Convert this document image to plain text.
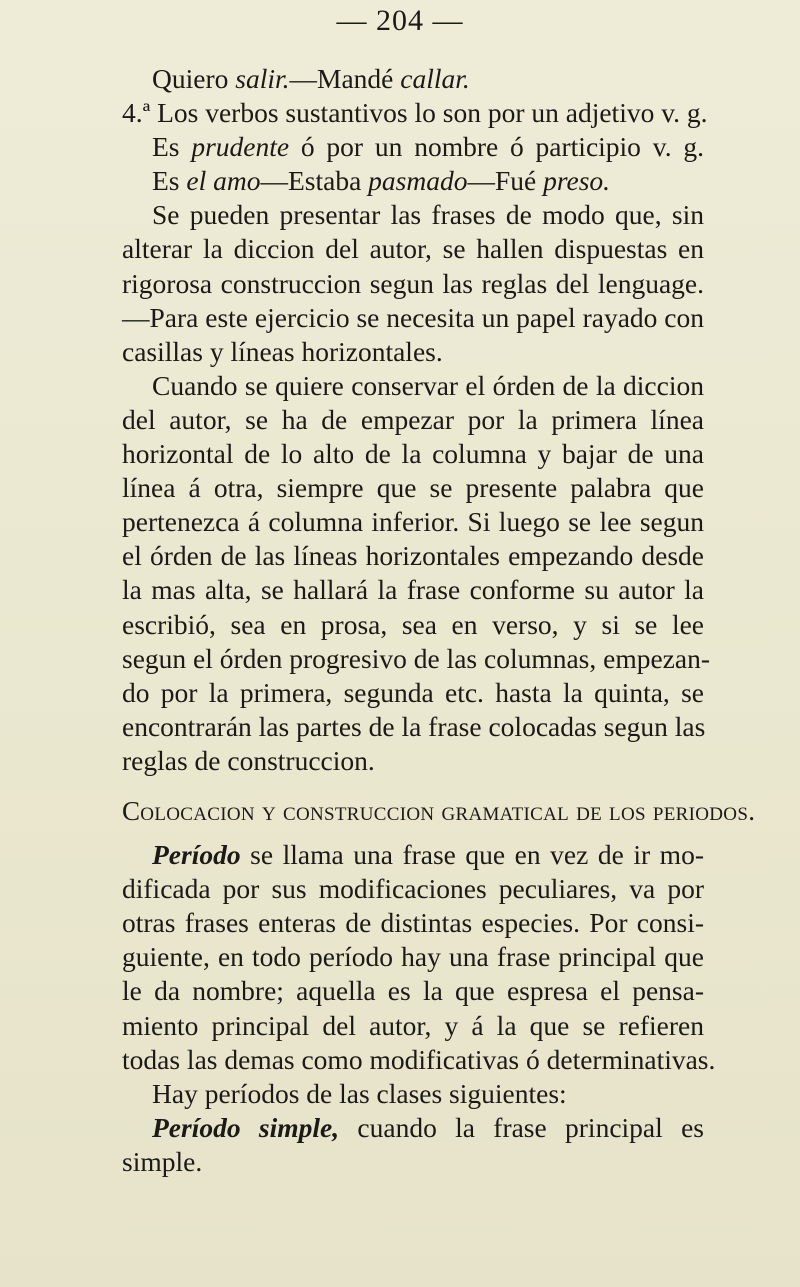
— 204 —
Quiero salir.—Mandé callar.
4.ª Los verbos sustantivos lo son por un adjetivo v. g.
Es prudente ó por un nombre ó participio v. g.
Es el amo—Estaba pasmado—Fué preso.
Se pueden presentar las frases de modo que, sin
alterar la diccion del autor, se hallen dispuestas en
rigorosa construccion segun las reglas del lenguage.
—Para este ejercicio se necesita un papel rayado con
casillas y líneas horizontales.
Cuando se quiere conservar el órden de la diccion
del autor, se ha de empezar por la primera línea
horizontal de lo alto de la columna y bajar de una
línea á otra, siempre que se presente palabra que
pertenezca á columna inferior. Si luego se lee segun
el órden de las líneas horizontales empezando desde
la mas alta, se hallará la frase conforme su autor la
escribió, sea en prosa, sea en verso, y si se lee
segun el órden progresivo de las columnas, empezan-
do por la primera, segunda etc. hasta la quinta, se
encontrarán las partes de la frase colocadas segun las
reglas de construccion.
Colocacion y construccion gramatical de los periodos.
Período se llama una frase que en vez de ir mo-
dificada por sus modificaciones peculiares, va por
otras frases enteras de distintas especies. Por consi-
guiente, en todo período hay una frase principal que
le da nombre; aquella es la que espresa el pensa-
miento principal del autor, y á la que se refieren
todas las demas como modificativas ó determinativas.
Hay períodos de las clases siguientes:
Período simple, cuando la frase principal es
simple.
